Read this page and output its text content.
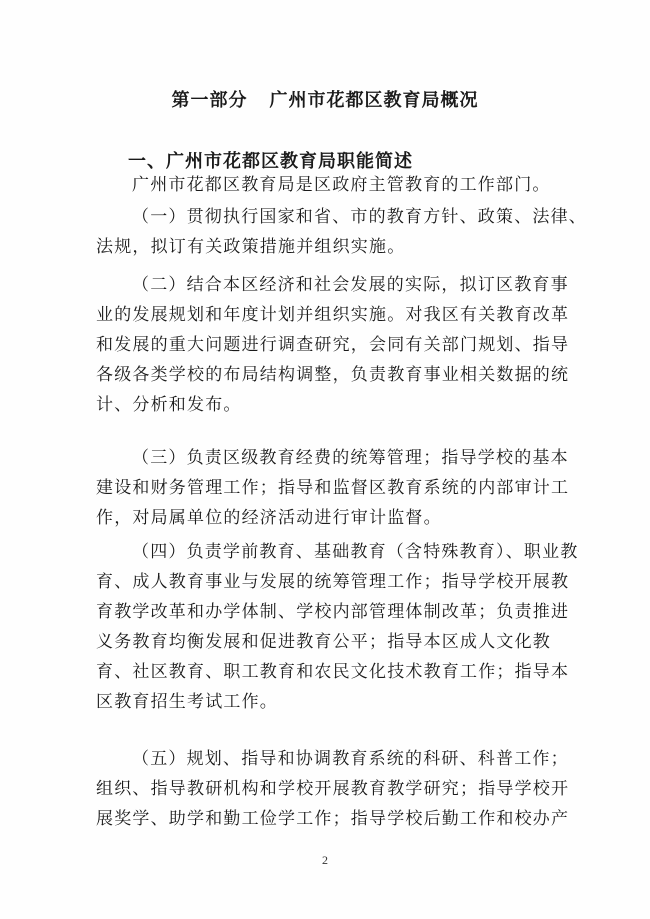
第一部分 广州市花都区教育局概况
一、广州市花都区教育局职能简述
广州市花都区教育局是区政府主管教育的工作部门。
（一）贯彻执行国家和省、市的教育方针、政策、法律、
法规，拟订有关政策措施并组织实施。
（二）结合本区经济和社会发展的实际，拟订区教育事
业的发展规划和年度计划并组织实施。对我区有关教育改革
和发展的重大问题进行调查研究，会同有关部门规划、指导
各级各类学校的布局结构调整，负责教育事业相关数据的统
计、分析和发布。
（三）负责区级教育经费的统筹管理；指导学校的基本
建设和财务管理工作；指导和监督区教育系统的内部审计工
作，对局属单位的经济活动进行审计监督。
（四）负责学前教育、基础教育（含特殊教育）、职业教
育、成人教育事业与发展的统筹管理工作；指导学校开展教
育教学改革和办学体制、学校内部管理体制改革；负责推进
义务教育均衡发展和促进教育公平；指导本区成人文化教
育、社区教育、职工教育和农民文化技术教育工作；指导本
区教育招生考试工作。
（五）规划、指导和协调教育系统的科研、科普工作；
组织、指导教研机构和学校开展教育教学研究；指导学校开
展奖学、助学和勤工俭学工作；指导学校后勤工作和校办产
2
